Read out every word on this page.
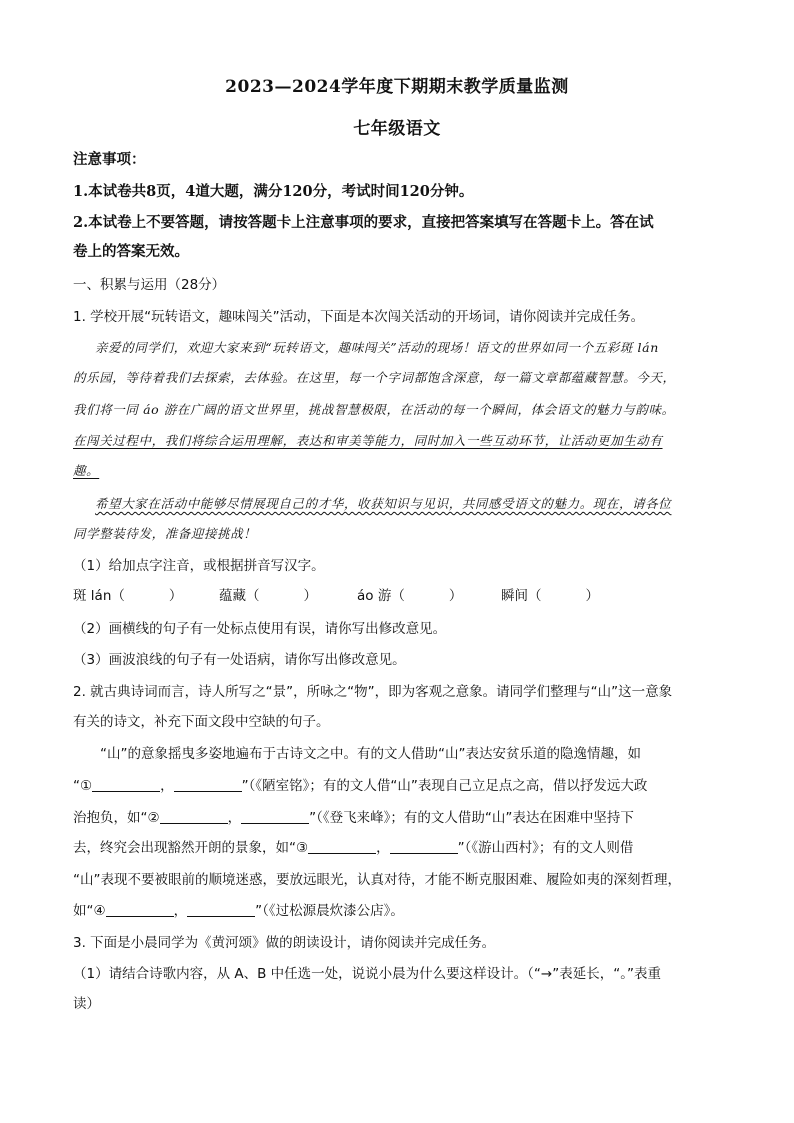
2023—2024学年度下期期末教学质量监测
七年级语文
注意事项：
1.本试卷共8页，4道大题，满分120分，考试时间120分钟。
2.本试卷上不要答题，请按答题卡上注意事项的要求，直接把答案填写在答题卡上。答在试
卷上的答案无效。
一、积累与运用（28分）
1. 学校开展“玩转语文，趣味闯关”活动，下面是本次闯关活动的开场词，请你阅读并完成任务。
亲爱的同学们，欢迎大家来到“玩转语文，趣味闯关”活动的现场！语文的世界如同一个五彩斑 lán
的乐园，等待着我们去探索，去体验。在这里，每一个字词都饱含深意，每一篇文章都蕴藏智慧。今天，
我们将一同 áo 游在广阔的语文世界里，挑战智慧极限，在活动的每一个瞬间，体会语文的魅力与韵味。
在闯关过程中，我们将综合运用理解，表达和审美等能力，同时加入一些互动环节，让活动更加生动有
趣。
希望大家在活动中能够尽情展现自己的才华，收获知识与见识，共同感受语文的魅力。现在，请各位
同学整装待发，准备迎接挑战！
（1）给加点字注音，或根据拼音写汉字。
斑 lán（	）	蕴藏（	）	áo 游（	）	瞬间（	）
（2）画横线的句子有一处标点使用有误，请你写出修改意见。
（3）画波浪线的句子有一处语病，请你写出修改意见。
2. 就古典诗词而言，诗人所写之“景”，所咏之“物”，即为客观之意象。请同学们整理与“山”这一意象
有关的诗文，补充下面文段中空缺的句子。
“山”的意象摇曳多姿地遍布于古诗文之中。有的文人借助“山”表达安贫乐道的隐逸情趣，如
“①	，	”（《陋室铭》；有的文人借“山”表现自己立足点之高，借以抒发远大政
治抱负，如“②	，	”（《登飞来峰》；有的文人借助“山”表达在困难中坚持下
去，终究会出现豁然开朗的景象，如“③	，	”（《游山西村》；有的文人则借
“山”表现不要被眼前的顺境迷惑，要放远眼光，认真对待，才能不断克服困难、履险如夷的深刻哲理，
如“④	，	”（《过松源晨炊漆公店》。
3. 下面是小晨同学为《黄河颂》做的朗读设计，请你阅读并完成任务。
（1）请结合诗歌内容，从 A、B 中任选一处，说说小晨为什么要这样设计。（“→”表延长，“。”表重
读）
